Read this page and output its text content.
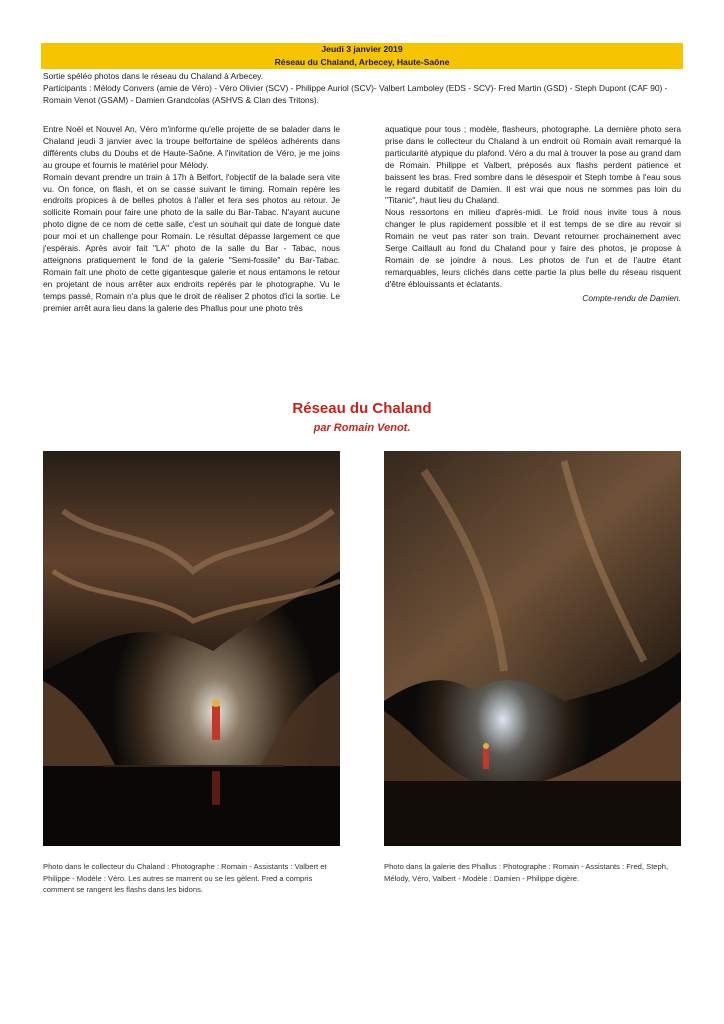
Jeudi 3 janvier 2019
Réseau du Chaland, Arbecey, Haute-Saône

Sortie spéléo photos dans le réseau du Chaland à Arbecey.

Participants : Mélody Convers (amie de Véro) - Véro Olivier (SCV) - Philippe Auriol (SCV)- Valbert Lamboley (EDS - SCV)- Fred Martin (GSD) - Steph Dupont (CAF 90) - Romain Venot (GSAM) - Damien Grandcolas (ASHVS & Clan des Tritons).

Entre Noël et Nouvel An, Véro m'informe qu'elle projette de se balader dans le Chaland jeudi 3 janvier avec la troupe belfortaine de spéléos adhérents dans différents clubs du Doubs et de Haute-Saône. A l'invitation de Véro, je me joins au groupe et fournis le matériel pour Mélody.

Romain devant prendre un train à 17h à Belfort, l'objectif de la balade sera vite vu. On fonce, on flash, et on se casse suivant le timing. Romain repère les endroits propices à de belles photos à l'aller et fera ses photos au retour. Je sollicite Romain pour faire une photo de la salle du Bar-Tabac. N'ayant aucune photo digne de ce nom de cette salle, c'est un souhait qui date de longue date pour moi et un challenge pour Romain. Le résultat dépasse largement ce que j'espérais. Après avoir fait "LA" photo de la salle du Bar - Tabac, nous atteignons pratiquement le fond de la galerie "Semi-fossile" du Bar-Tabac. Romain fait une photo de cette gigantesque galerie et nous entamons le retour en projetant de nous arrêter aux endroits repérés par le photographe. Vu le temps passé, Romain n'a plus que le droit de réaliser 2 photos d'ici la sortie. Le premier arrêt aura lieu dans la galerie des Phallus pour une photo très

aquatique pour tous ; modèle, flasheurs, photographe. La dernière photo sera prise dans le collecteur du Chaland à un endroit où Romain avait remarqué la particularité atypique du plafond. Véro a du mal à trouver la pose au grand dam de Romain. Philippe et Valbert, préposés aux flashs perdent patience et baissent les bras. Fred sombre dans le désespoir et Steph tombe à l'eau sous le regard dubitatif de Damien. Il est vrai que nous ne sommes pas loin du "Titanic", haut lieu du Chaland.

Nous ressortons en milieu d'après-midi. Le froid nous invite tous à nous changer le plus rapidement possible et il est temps de se dire au revoir si Romain ne veut pas rater son train. Devant retourner prochainement avec Serge Caillault au fond du Chaland pour y faire des photos, je propose à Romain de se joindre à nous. Les photos de l'un et de l'autre étant remarquables, leurs clichés dans cette partie la plus belle du réseau risquent d'être éblouissants et éclatants.

Compte-rendu de Damien.

Réseau du Chaland
par Romain Venot.
Photo dans le collecteur du Chaland : Photographe : Romain - Assistants : Valbert et Philippe - Modèle : Véro. Les autres se marrent ou se les gèlent. Fred a compris comment se rangent les flashs dans les bidons.
Photo dans la galerie des Phallus : Photographe : Romain - Assistants : Fred, Steph, Mélody, Véro, Valbert - Modèle : Damien - Philippe digère.
